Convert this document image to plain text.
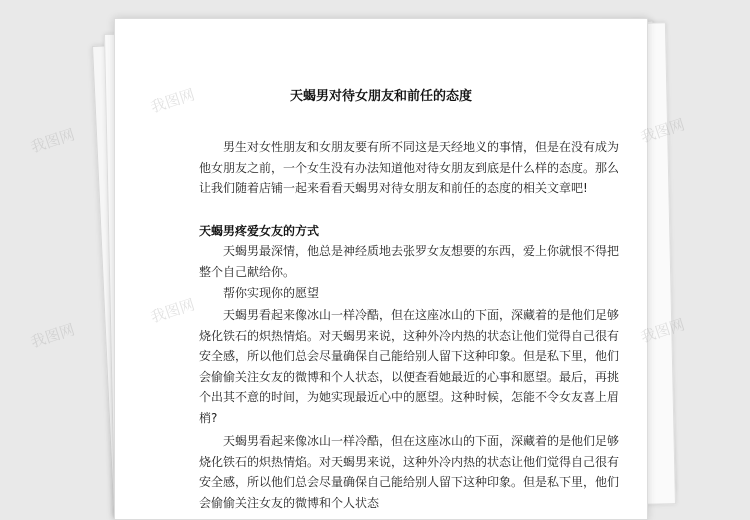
天蝎男对待女朋友和前任的态度

男生对女性朋友和女朋友要有所不同这是天经地义的事情，但是在没有成为他女朋友之前，一个女生没有办法知道他对待女朋友到底是什么样的态度。那么让我们随着店铺一起来看看天蝎男对待女朋友和前任的态度的相关文章吧!

天蝎男疼爱女友的方式

天蝎男最深情，他总是神经质地去张罗女友想要的东西，爱上你就恨不得把整个自己献给你。

帮你实现你的愿望

天蝎男看起来像冰山一样冷酷，但在这座冰山的下面，深藏着的是他们足够烧化铁石的炽热情焰。对天蝎男来说，这种外冷内热的状态让他们觉得自己很有安全感，所以他们总会尽量确保自己能给别人留下这种印象。但是私下里，他们会偷偷关注女友的微博和个人状态，以便查看她最近的心事和愿望。最后，再挑个出其不意的时间，为她实现最近心中的愿望。这种时候，怎能不令女友喜上眉梢?

天蝎男看起来像冰山一样冷酷，但在这座冰山的下面，深藏着的是他们足够烧化铁石的炽热情焰。对天蝎男来说，这种外冷内热的状态让他们觉得自己很有安全感，所以他们总会尽量确保自己能给别人留下这种印象。但是私下里，他们会偷偷关注女友的微博和个人状态

我图网
我图网
我图网
我图网
我图网
我图网
